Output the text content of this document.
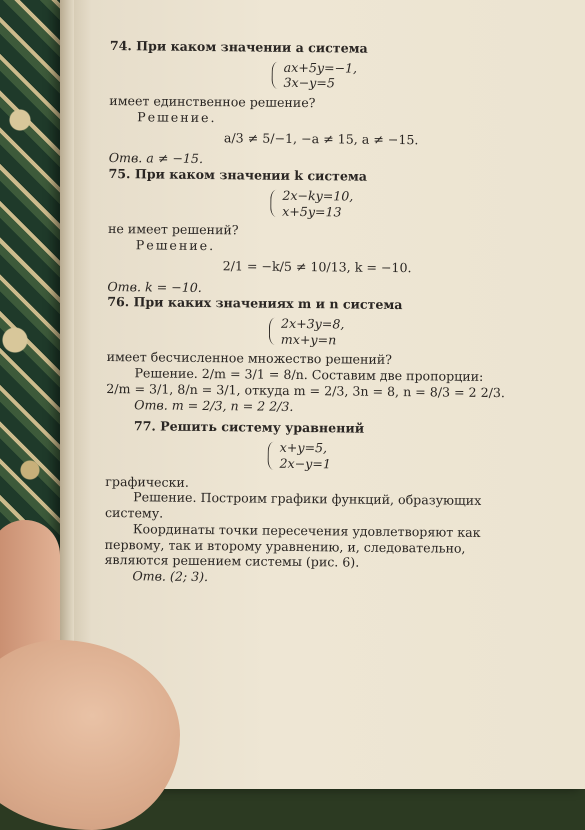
74. При каком значении a система
ax+5y=−1,
3x−y=5
имеет единственное решение?
Решение.
a/3 ≠ 5/−1, −a ≠ 15, a ≠ −15.
Отв. a ≠ −15.
75. При каком значении k система
2x−ky=10,
x+5y=13
не имеет решений?
Решение.
2/1 = −k/5 ≠ 10/13, k = −10.
Отв. k = −10.
76. При каких значениях m и n система
2x+3y=8,
mx+y=n
имеет бесчисленное множество решений?
Решение. 2/m = 3/1 = 8/n. Составим две пропорции:
2/m = 3/1, 8/n = 3/1, откуда m = 2/3, 3n = 8, n = 8/3 = 2 2/3.
Отв. m = 2/3, n = 2 2/3.
77. Решить систему уравнений
x+y=5,
2x−y=1
графически.
Решение. Построим графики функций, образующих
систему.
Координаты точки пересечения удовлетворяют как
первому, так и второму уравнению, и, следовательно,
являются решением системы (рис. 6).
Отв. (2; 3).
